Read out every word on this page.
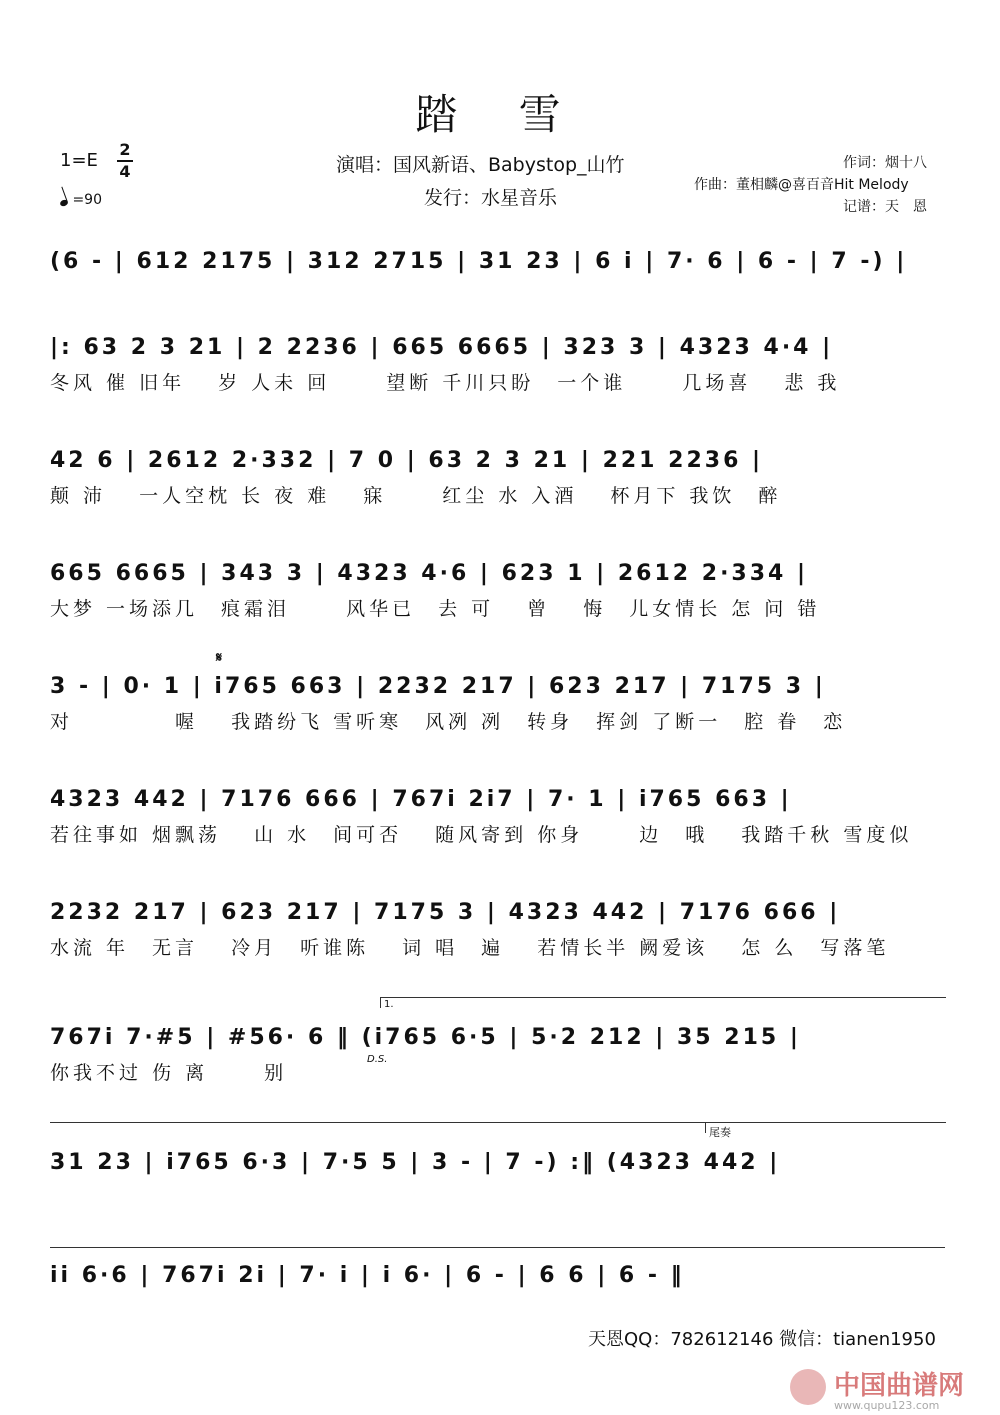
踏 雪
1=E
2
4
=90
演唱：国风新语、Babystop_山竹
发行：水星音乐
作词：烟十八
作曲：董相麟@喜百音Hit Melody
记谱：天　恩
(6 - | 612 2175 | 312 2715 | 31 23 | 6 i | 7· 6 | 6 - | 7 -) |
|: 63 2 3 21 | 2 2236 | 665 6665 | 323 3 | 4323 4·4 |
冬风 催 旧年　 岁 人未 回　　 望断 千川只盼　一个谁　　 几场喜　 悲 我
42 6 | 2612 2·332 | 7 0 | 63 2 3 21 | 221 2236 |
颠 沛　 一人空枕 长 夜 难　 寐　　 红尘 水 入酒　 杯月下 我饮　醉
665 6665 | 343 3 | 4323 4·6 | 623 1 | 2612 2·334 |
大梦 一场添几　痕霜泪　　 风华已　去 可　 曾　 悔　儿女情长 怎 问 错
𝄋
3 - | 0· 1 | i765 663 | 2232 217 | 623 217 | 7175 3 |
对　　　　 喔　 我踏纷飞 雪听寒　风冽 冽　转身　挥剑 了断一　腔 眷　恋
4323 442 | 7176 666 | 767i 2i7 | 7· 1 | i765 663 |
若往事如 烟飘荡　 山 水　间可否　 随风寄到 你身　　 边　哦　 我踏千秋 雪度似
2232 217 | 623 217 | 7175 3 | 4323 442 | 7176 666 |
水流 年　无言　 冷月　听谁陈　 词 唱　遍　 若情长半 阙爱该　 怎 么　写落笔
1.
D.S.
767i 7·#5 | #56· 6 ‖ (i765 6·5 | 5·2 212 | 35 215 |
你我不过 伤 离　　 别
尾奏
31 23 | i765 6·3 | 7·5 5 | 3 - | 7 -) :‖ (4323 442 |
ii 6·6 | 767i 2i | 7· i | i 6· | 6 - | 6 6 | 6 - ‖
天恩QQ：782612146 微信：tianen1950
中国曲谱网
www.qupu123.com
